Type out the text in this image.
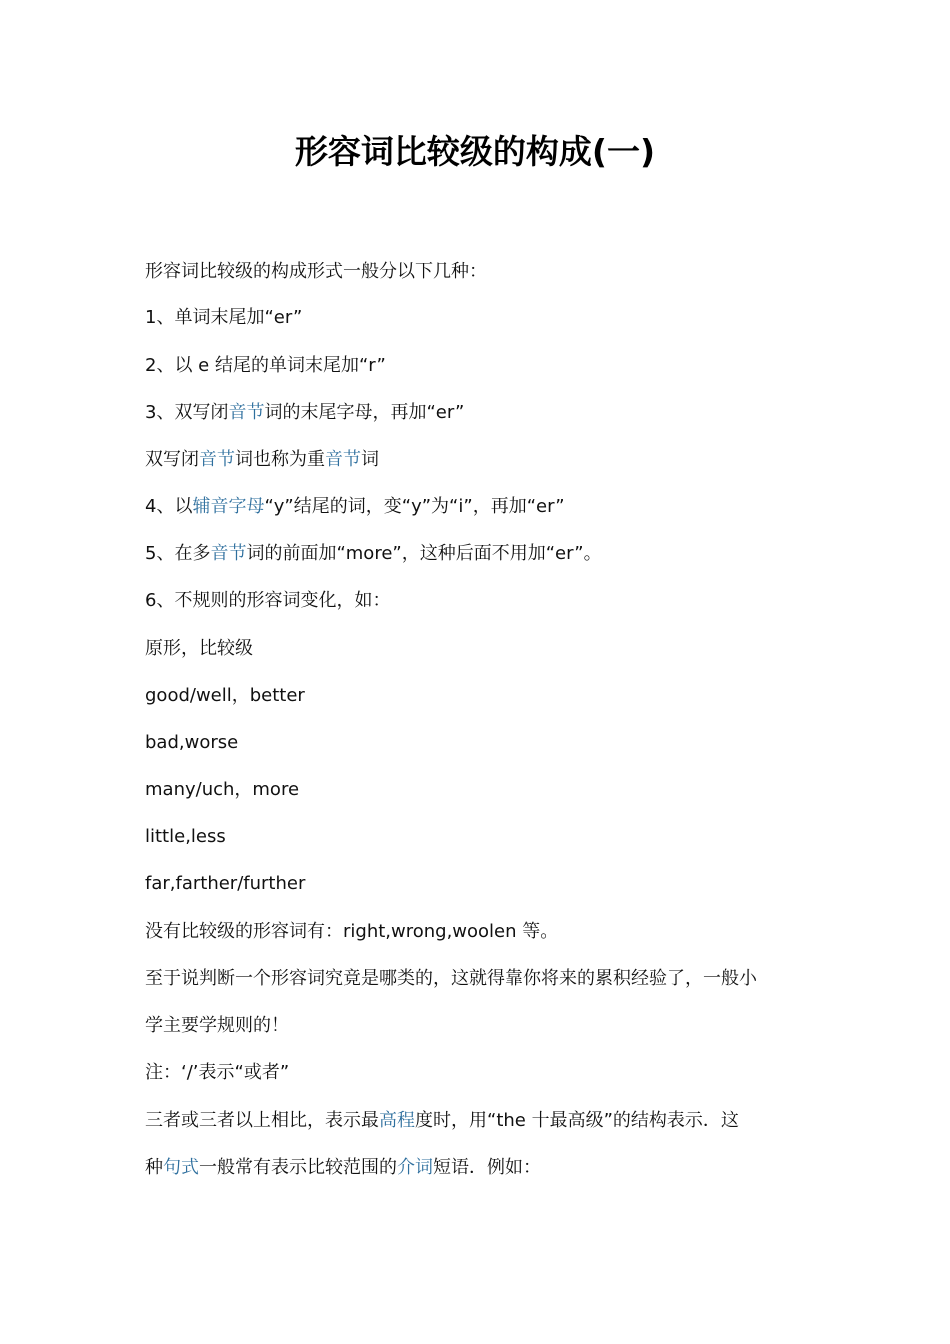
形容词比较级的构成(一)
形容词比较级的构成形式一般分以下几种：
1、单词末尾加“er”
2、以 e 结尾的单词末尾加“r”
3、双写闭音节词的末尾字母，再加“er”
双写闭音节词也称为重音节词
4、以辅音字母“y”结尾的词，变“y”为“i”，再加“er”
5、在多音节词的前面加“more”，这种后面不用加“er”。
6、不规则的形容词变化，如：
原形，比较级
good/well，better
bad,worse
many/uch，more
little,less
far,farther/further
没有比较级的形容词有：right,wrong,woolen 等。
至于说判断一个形容词究竟是哪类的，这就得靠你将来的累积经验了，一般小
学主要学规则的！
注：‘/’表示“或者”
三者或三者以上相比，表示最高程度时，用“the 十最高级”的结构表示．这
种句式一般常有表示比较范围的介词短语．例如：
